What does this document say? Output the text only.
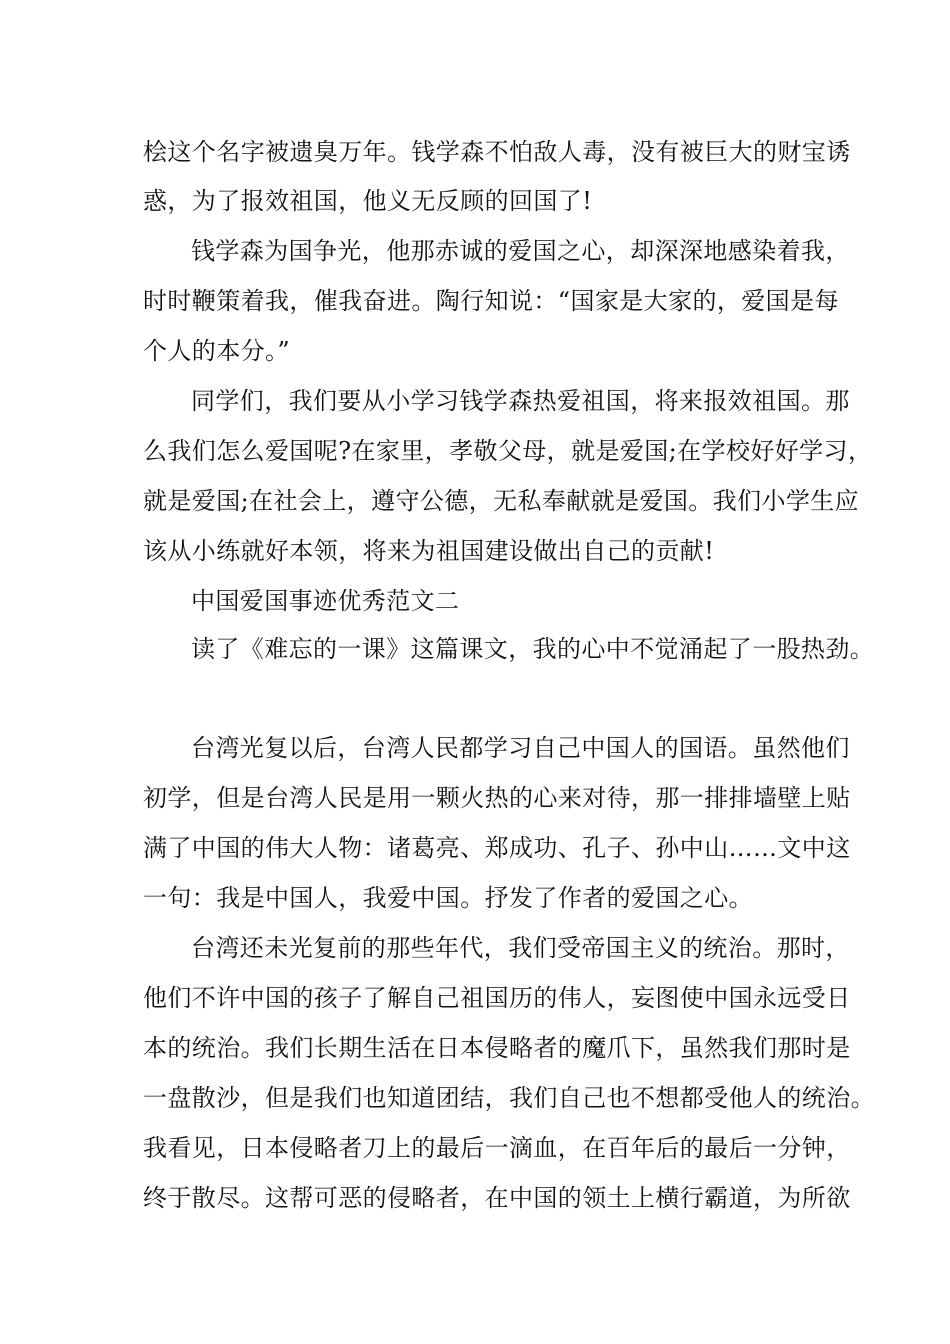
桧这个名字被遗臭万年。钱学森不怕敌人毒，没有被巨大的财宝诱
惑，为了报效祖国，他义无反顾的回国了!
钱学森为国争光，他那赤诚的爱国之心，却深深地感染着我，
时时鞭策着我，催我奋进。陶行知说：“国家是大家的，爱国是每
个人的本分。”
同学们，我们要从小学习钱学森热爱祖国，将来报效祖国。那
么我们怎么爱国呢?在家里，孝敬父母，就是爱国;在学校好好学习，
就是爱国;在社会上，遵守公德，无私奉献就是爱国。我们小学生应
该从小练就好本领，将来为祖国建设做出自己的贡献!
中国爱国事迹优秀范文二
读了《难忘的一课》这篇课文，我的心中不觉涌起了一股热劲。
台湾光复以后，台湾人民都学习自己中国人的国语。虽然他们
初学，但是台湾人民是用一颗火热的心来对待，那一排排墙壁上贴
满了中国的伟大人物：诸葛亮、郑成功、孔子、孙中山……文中这
一句：我是中国人，我爱中国。抒发了作者的爱国之心。
台湾还未光复前的那些年代，我们受帝国主义的统治。那时，
他们不许中国的孩子了解自己祖国历的伟人，妄图使中国永远受日
本的统治。我们长期生活在日本侵略者的魔爪下，虽然我们那时是
一盘散沙，但是我们也知道团结，我们自己也不想都受他人的统治。
我看见，日本侵略者刀上的最后一滴血，在百年后的最后一分钟，
终于散尽。这帮可恶的侵略者，在中国的领土上横行霸道，为所欲
